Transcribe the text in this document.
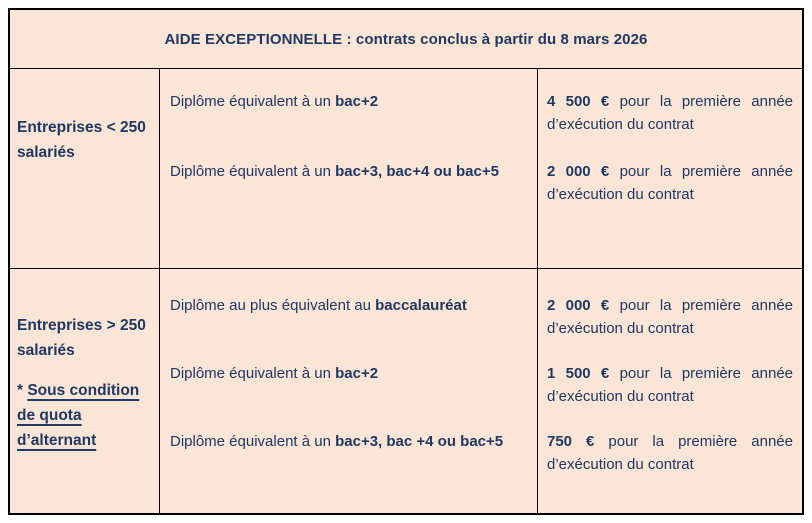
AIDE EXCEPTIONNELLE : contrats conclus à partir du 8 mars 2026
Entreprises < 250
salariés
Diplôme équivalent à un bac+2
Diplôme équivalent à un bac+3, bac+4 ou bac+5
4 500 € pour la première année d’exécution du contrat
2 000 € pour la première année d’exécution du contrat
Entreprises > 250
salariés
* Sous condition
de quota
d’alternant
Diplôme au plus équivalent au baccalauréat
Diplôme équivalent à un bac+2
Diplôme équivalent à un bac+3, bac +4 ou bac+5
2 000 € pour la première année d’exécution du contrat
1 500 € pour la première année d’exécution du contrat
750 € pour la première année d’exécution du contrat
